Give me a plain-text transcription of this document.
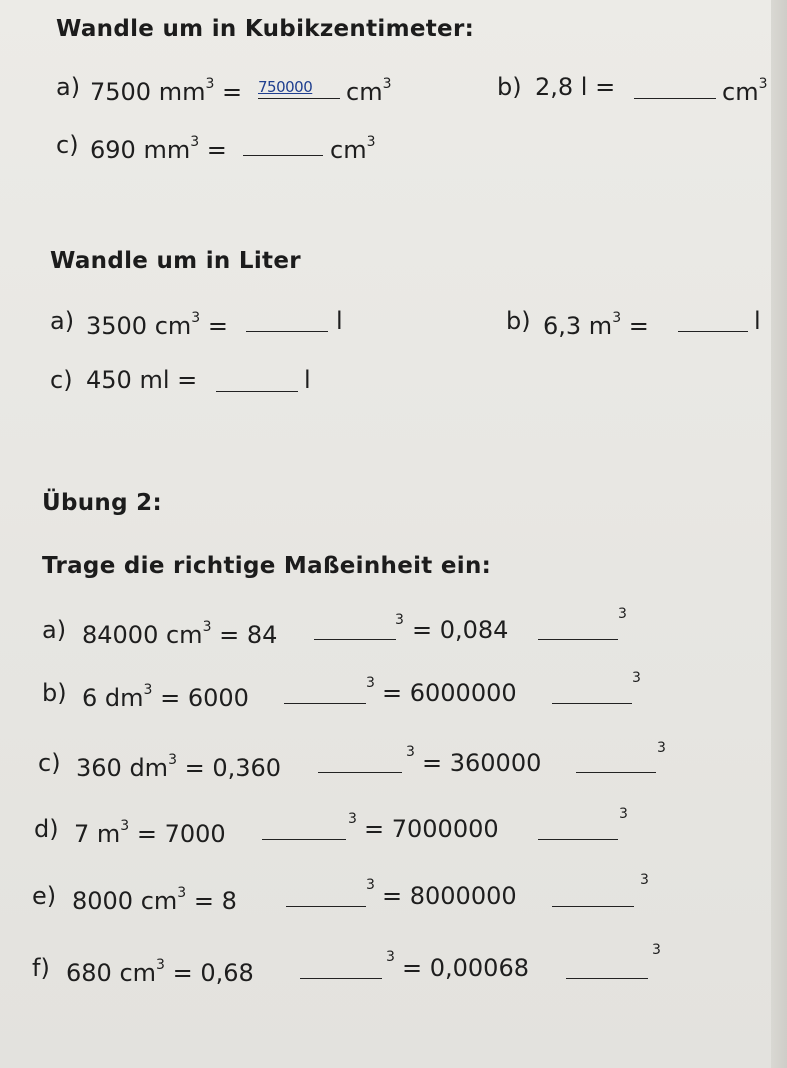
Wandle um in Kubikzentimeter:
a) 7500 $mm^3 = 750000$ $cm^3$	b) 2,8 l =	$cm^3$
c) 690 $mm^3$ =	$cm^3$
Wandle um in Liter
a) 3500 $cm^3$ =	l	b) 6,3 $m^3$ =	l
c) 450 ml =	l
Übung 2:
Trage die richtige Maßeinheit ein:
a) 84000 $cm^3 = 84$
3 = 0,084
3
b) 6 $dm^3 = 6000$
3 = 6000000
3
c) 360 $dm^3 = 0,360$
3 = 360000
3
d) 7 $m^3 = 7000$
3 = 7000000
3
e) 8000 $cm^3 = 8$
3 = 8000000
3
f) 680 $cm^3 = 0,68$
3 = 0,00068
3
